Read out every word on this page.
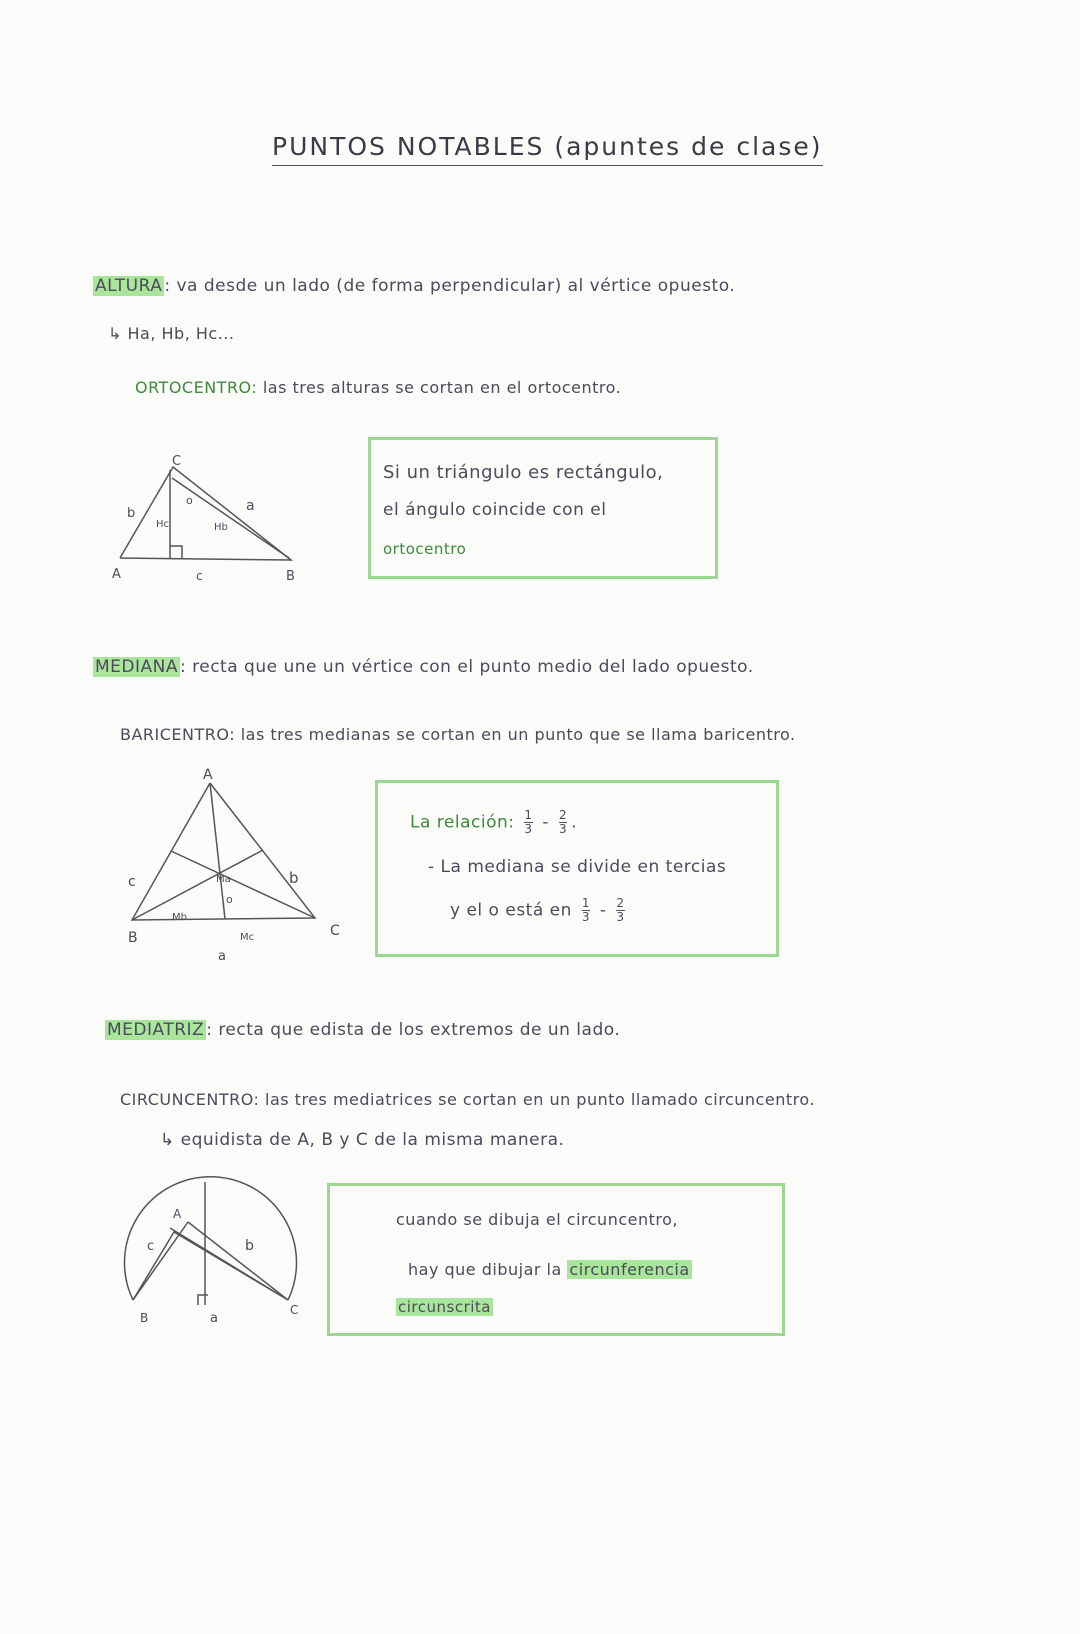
PUNTOS NOTABLES (apuntes de clase)
ALTURA : va desde un lado (de forma perpendicular) al vértice opuesto.
↳ Ha, Hb, Hc...
ORTOCENTRO: las tres alturas se cortan en el ortocentro.
C
A	B
b	a
c
Hc	Hb
o
Si un triángulo es rectángulo,
el ángulo coincide con el
ortocentro
MEDIANA : recta que une un vértice con el punto medio del lado opuesto.
BARICENTRO: las tres medianas se cortan en un punto que se llama baricentro.
A
B	C
c	b
a
Ma
Mb
Mc
o
La relación: $\frac{1}{3} - \frac{2}{3}$ .
- La mediana se divide en tercias
y el o está en $\frac{1}{3} - \frac{2}{3}$
MEDIATRIZ : recta que edista de los extremos de un lado.
CIRCUNCENTRO: las tres mediatrices se cortan en un punto llamado circuncentro.
↳ equidista de A, B y C de la misma manera.
A
B
C
c	b
a
cuando se dibuja el circuncentro,
hay que dibujar la circunferencia
circunscrita
